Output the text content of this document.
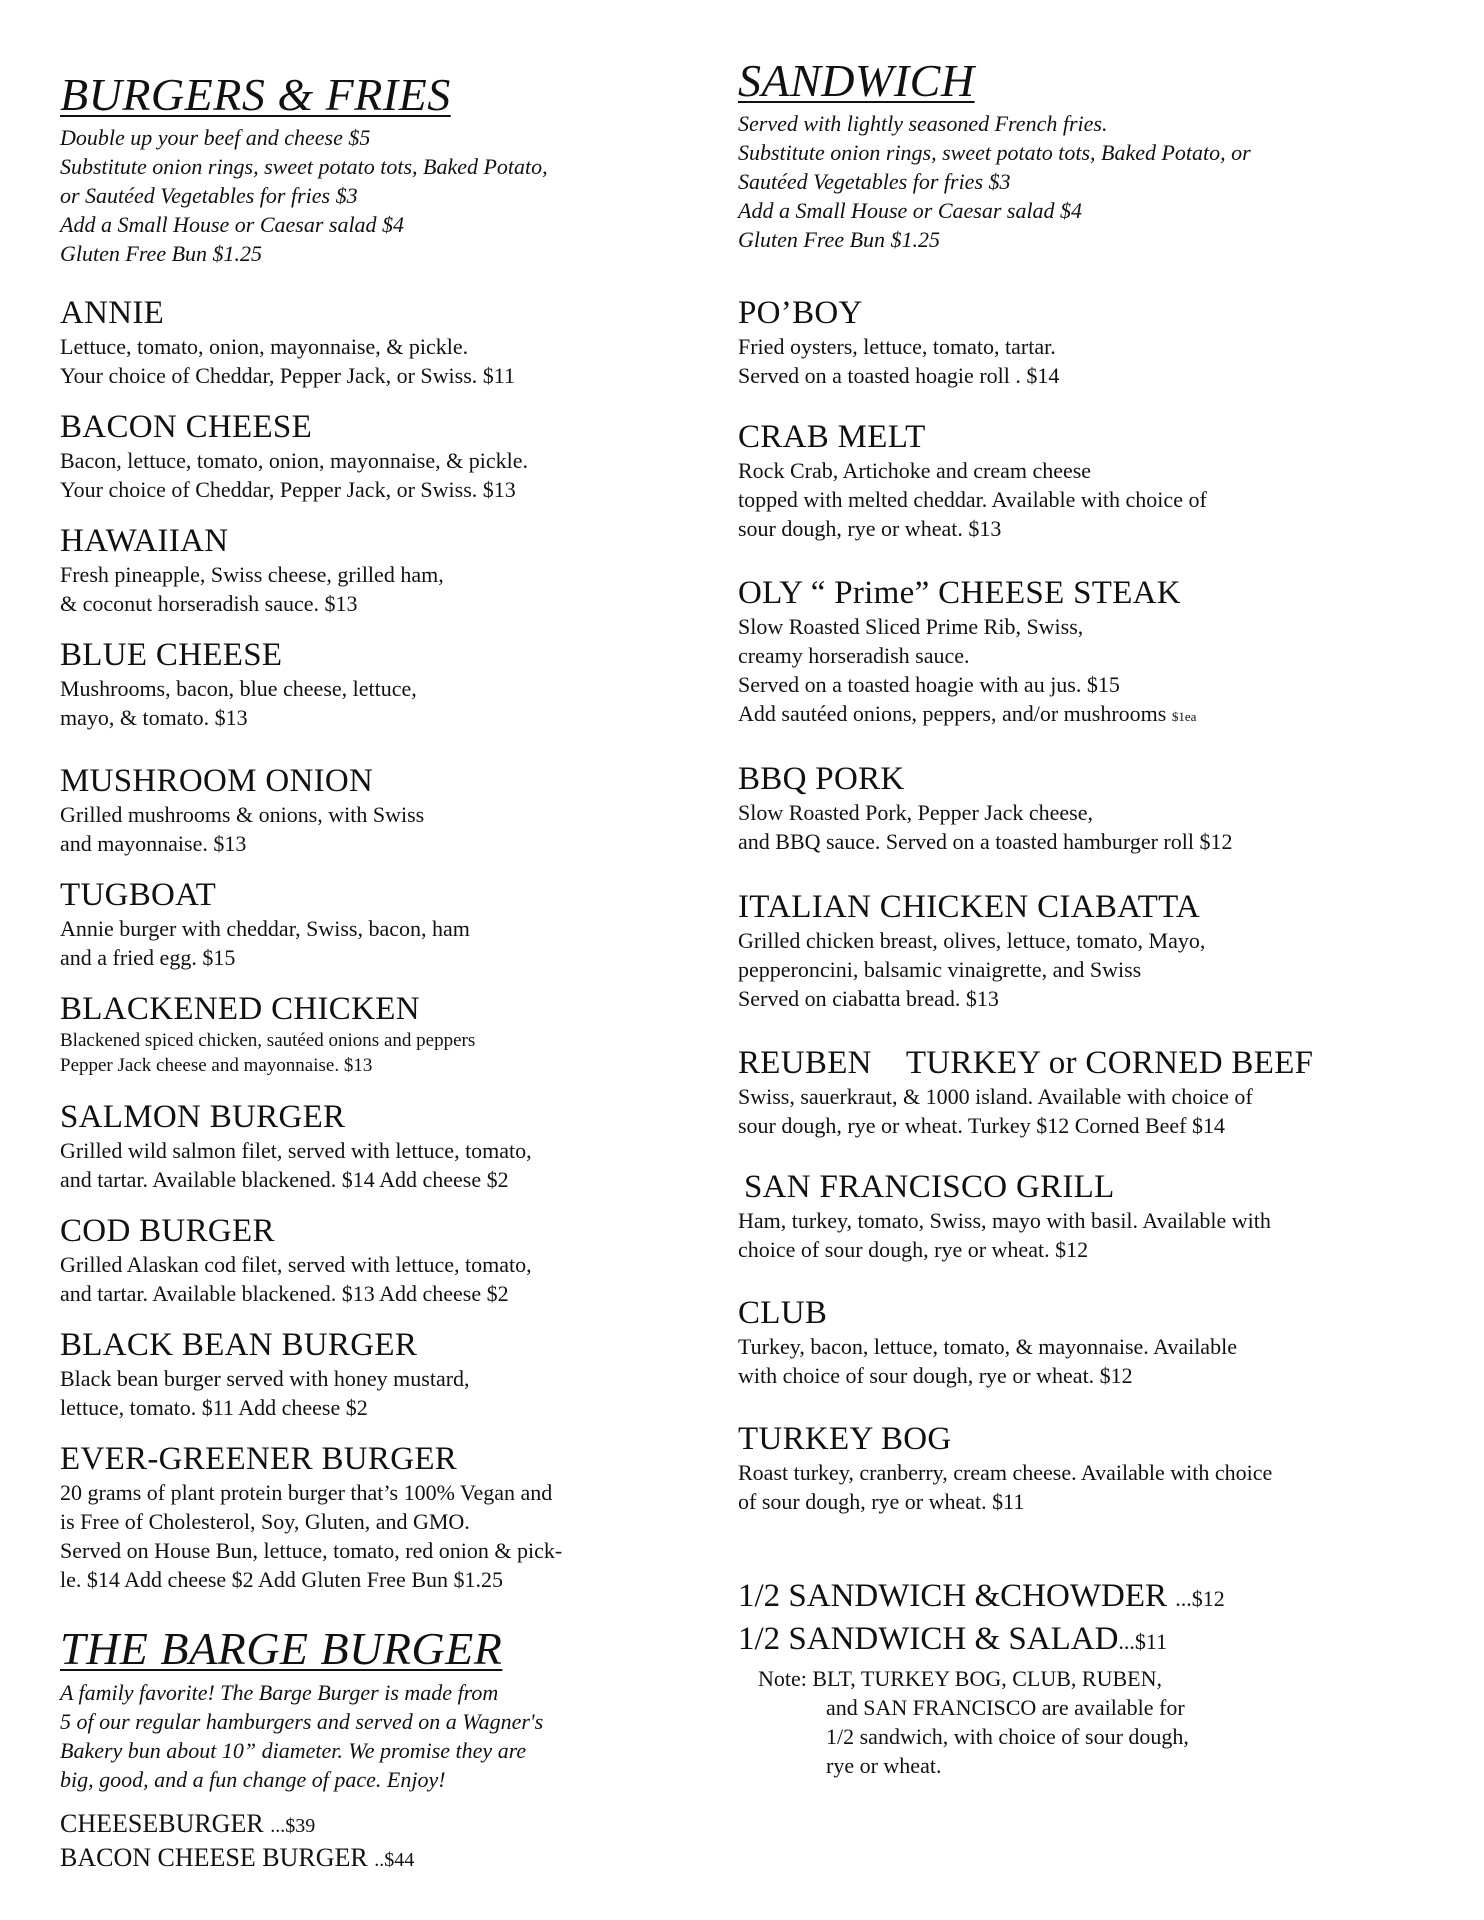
BURGERS & FRIES

Double up your beef and cheese $5

Substitute onion rings, sweet potato tots, Baked Potato,

or Sautéed Vegetables for fries $3

Add a Small House or Caesar salad $4

Gluten Free Bun $1.25

ANNIE

Lettuce, tomato, onion, mayonnaise, & pickle.

Your choice of Cheddar, Pepper Jack, or Swiss. $11

BACON CHEESE

Bacon, lettuce, tomato, onion, mayonnaise, & pickle.

Your choice of Cheddar, Pepper Jack, or Swiss. $13

HAWAIIAN

Fresh pineapple, Swiss cheese, grilled ham,

& coconut horseradish sauce. $13

BLUE CHEESE

Mushrooms, bacon, blue cheese, lettuce,

mayo, & tomato. $13

MUSHROOM ONION

Grilled mushrooms & onions, with Swiss

and mayonnaise. $13

TUGBOAT

Annie burger with cheddar, Swiss, bacon, ham

and a fried egg. $15

BLACKENED CHICKEN

Blackened spiced chicken, sautéed onions and peppers

Pepper Jack cheese and mayonnaise. $13

SALMON BURGER

Grilled wild salmon filet, served with lettuce, tomato,

and tartar. Available blackened. $14 Add cheese $2

COD BURGER

Grilled Alaskan cod filet, served with lettuce, tomato,

and tartar. Available blackened. $13 Add cheese $2

BLACK BEAN BURGER

Black bean burger served with honey mustard,

lettuce, tomato. $11 Add cheese $2

EVER-GREENER BURGER

20 grams of plant protein burger that’s 100% Vegan and

is Free of Cholesterol, Soy, Gluten, and GMO.

Served on House Bun, lettuce, tomato, red onion & pick-

le. $14 Add cheese $2 Add Gluten Free Bun $1.25

THE BARGE BURGER

A family favorite! The Barge Burger is made from

5 of our regular hamburgers and served on a Wagner's

Bakery bun about 10” diameter. We promise they are

big, good, and a fun change of pace. Enjoy!

CHEESEBURGER ...$39

BACON CHEESE BURGER ..$44

SANDWICH

Served with lightly seasoned French fries.

Substitute onion rings, sweet potato tots, Baked Potato, or

Sautéed Vegetables for fries $3

Add a Small House or Caesar salad $4

Gluten Free Bun $1.25

PO’BOY

Fried oysters, lettuce, tomato, tartar.

Served on a toasted hoagie roll . $14

CRAB MELT

Rock Crab, Artichoke and cream cheese

topped with melted cheddar. Available with choice of

sour dough, rye or wheat. $13

OLY “ Prime” CHEESE STEAK

Slow Roasted Sliced Prime Rib, Swiss,

creamy horseradish sauce.

Served on a toasted hoagie with au jus. $15

Add sautéed onions, peppers, and/or mushrooms $1ea

BBQ PORK

Slow Roasted Pork, Pepper Jack cheese,

and BBQ sauce. Served on a toasted hamburger roll $12

ITALIAN CHICKEN CIABATTA

Grilled chicken breast, olives, lettuce, tomato, Mayo,

pepperoncini, balsamic vinaigrette, and Swiss

Served on ciabatta bread. $13

REUBEN TURKEY or CORNED BEEF

Swiss, sauerkraut, & 1000 island. Available with choice of

sour dough, rye or wheat. Turkey $12 Corned Beef $14

SAN FRANCISCO GRILL

Ham, turkey, tomato, Swiss, mayo with basil. Available with

choice of sour dough, rye or wheat. $12

CLUB

Turkey, bacon, lettuce, tomato, & mayonnaise. Available

with choice of sour dough, rye or wheat. $12

TURKEY BOG

Roast turkey, cranberry, cream cheese. Available with choice

of sour dough, rye or wheat. $11

1/2 SANDWICH &CHOWDER ...$12

1/2 SANDWICH & SALAD...$11

Note: BLT, TURKEY BOG, CLUB, RUBEN,

and SAN FRANCISCO are available for

1/2 sandwich, with choice of sour dough,

rye or wheat.
